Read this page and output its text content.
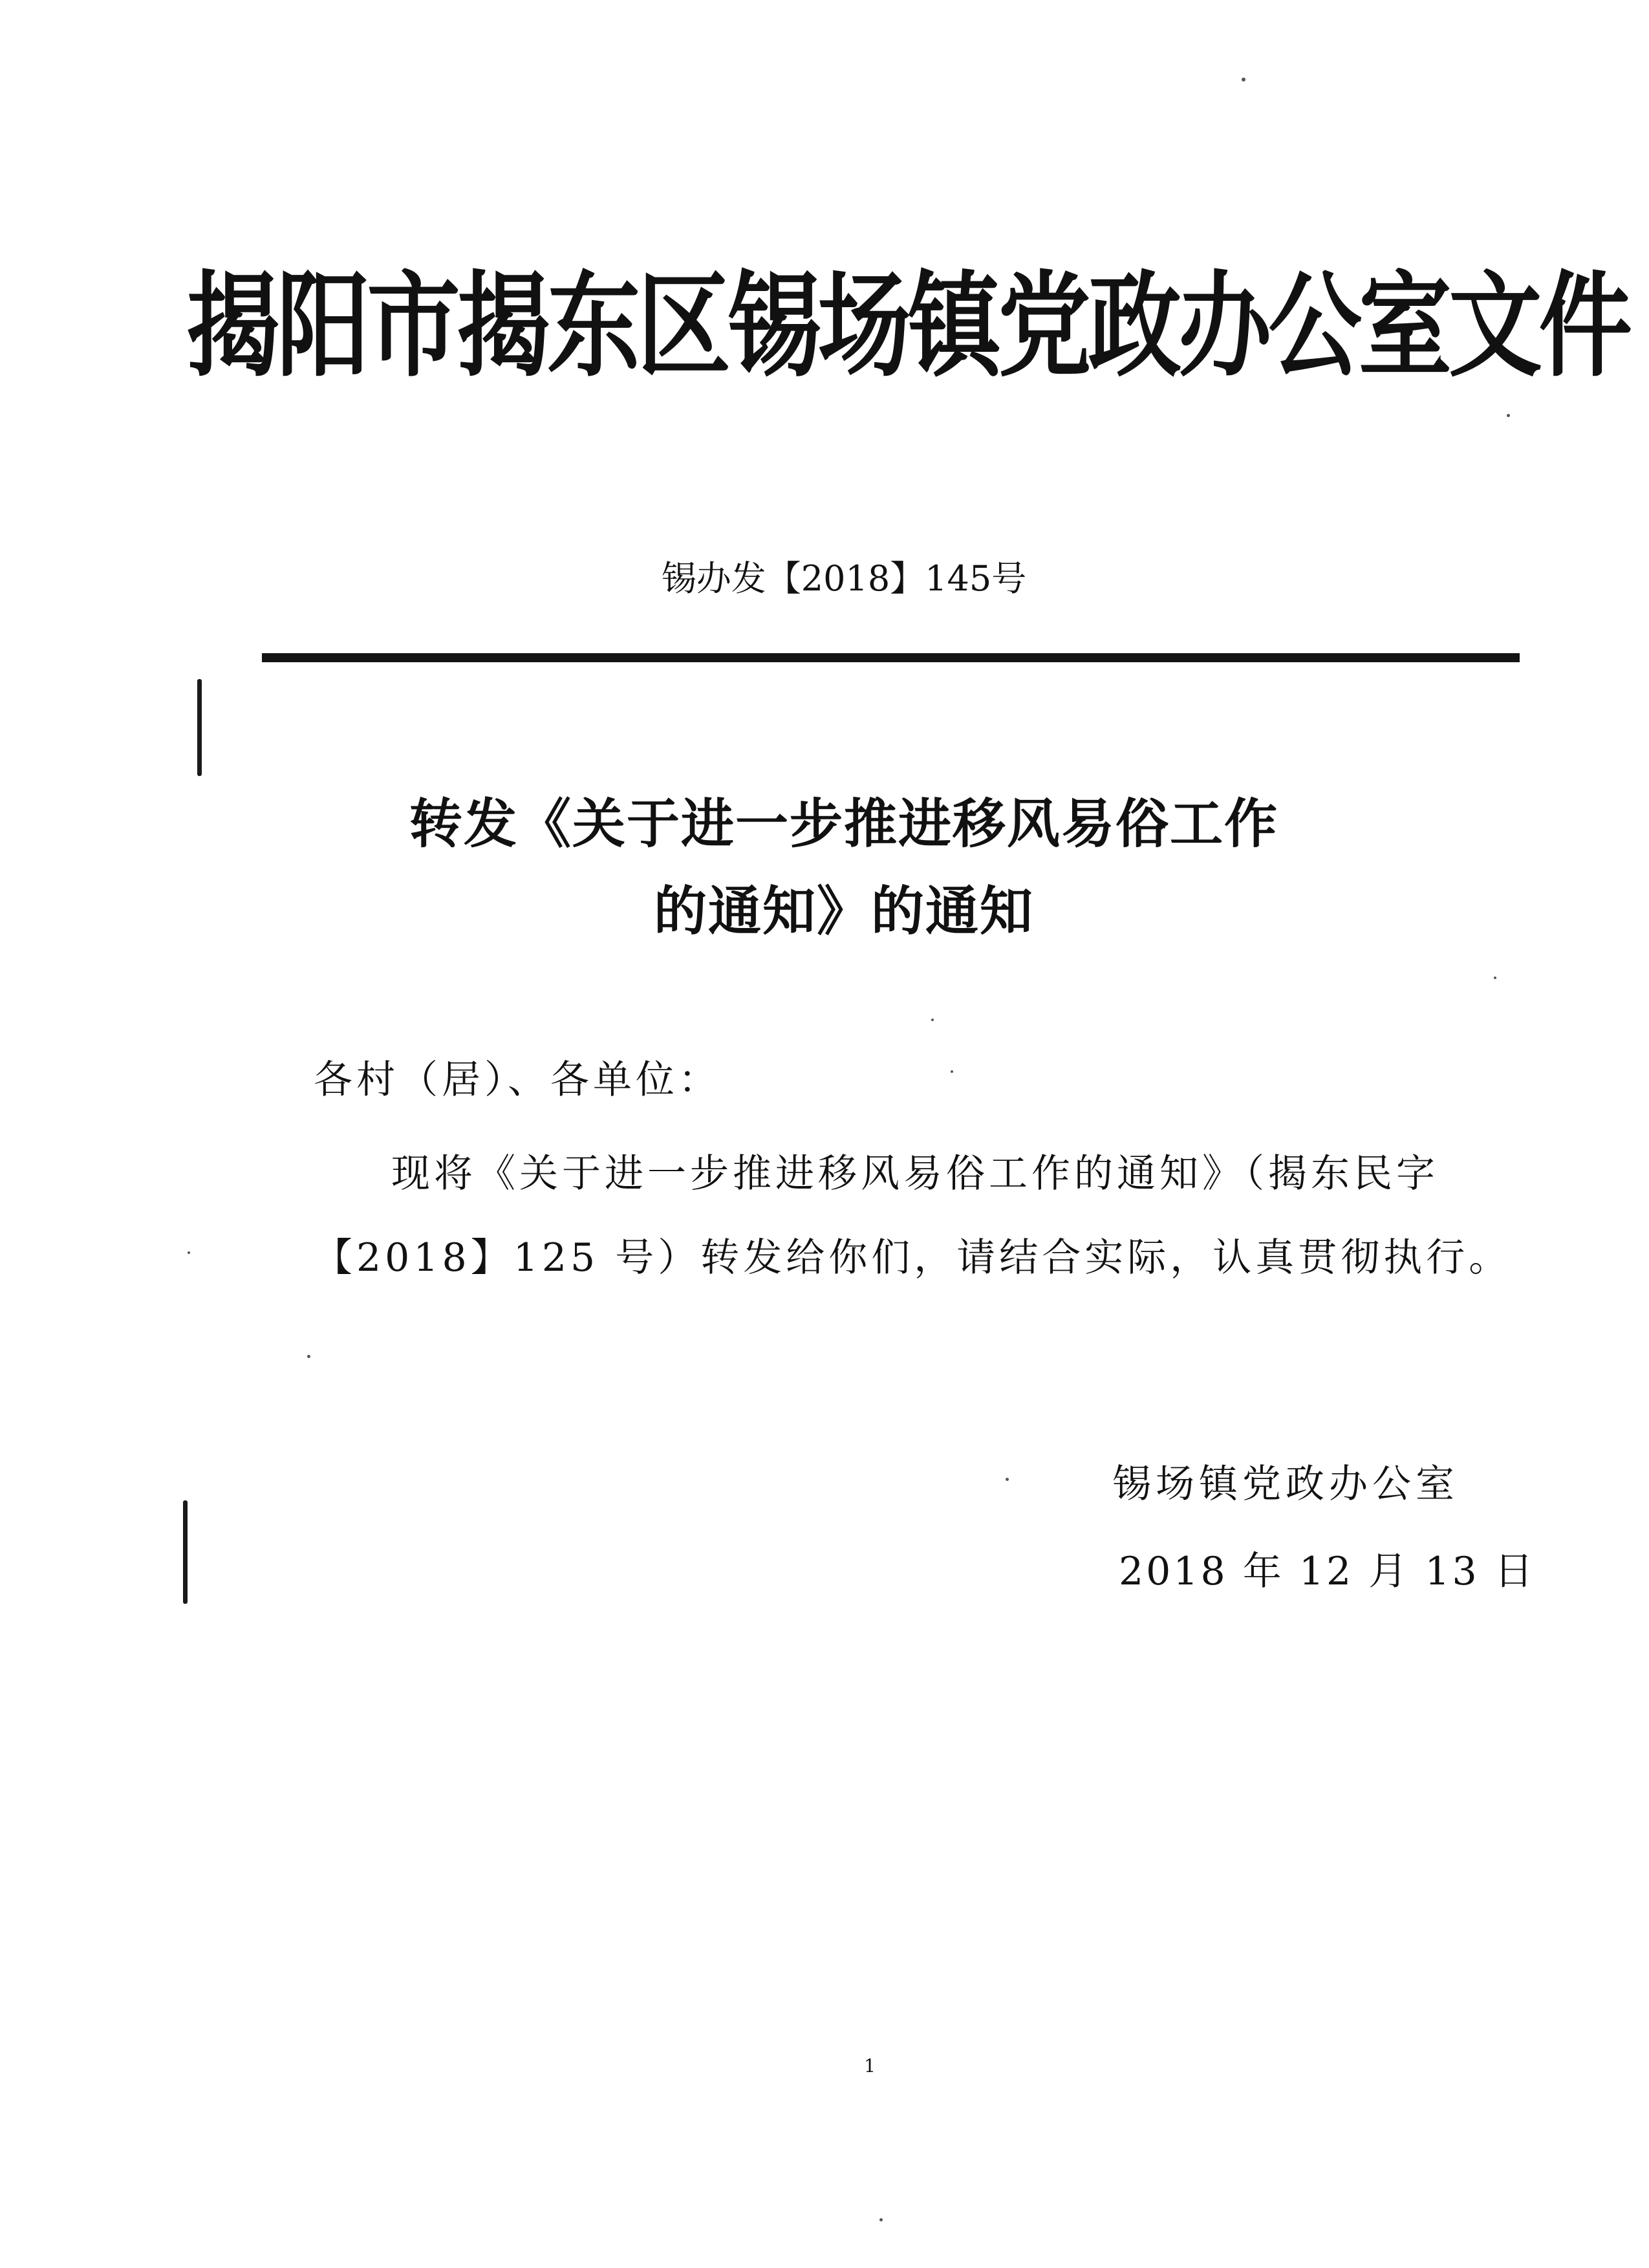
揭阳市揭东区锡场镇党政办公室文件
锡办发【2018】145号
转发《关于进一步推进移风易俗工作
的通知》的通知
各村（居）、各单位：
现将《关于进一步推进移风易俗工作的通知》（揭东民字
【2018】125 号）转发给你们，请结合实际，认真贯彻执行。
锡场镇党政办公室
2018 年 12 月 13 日
1
